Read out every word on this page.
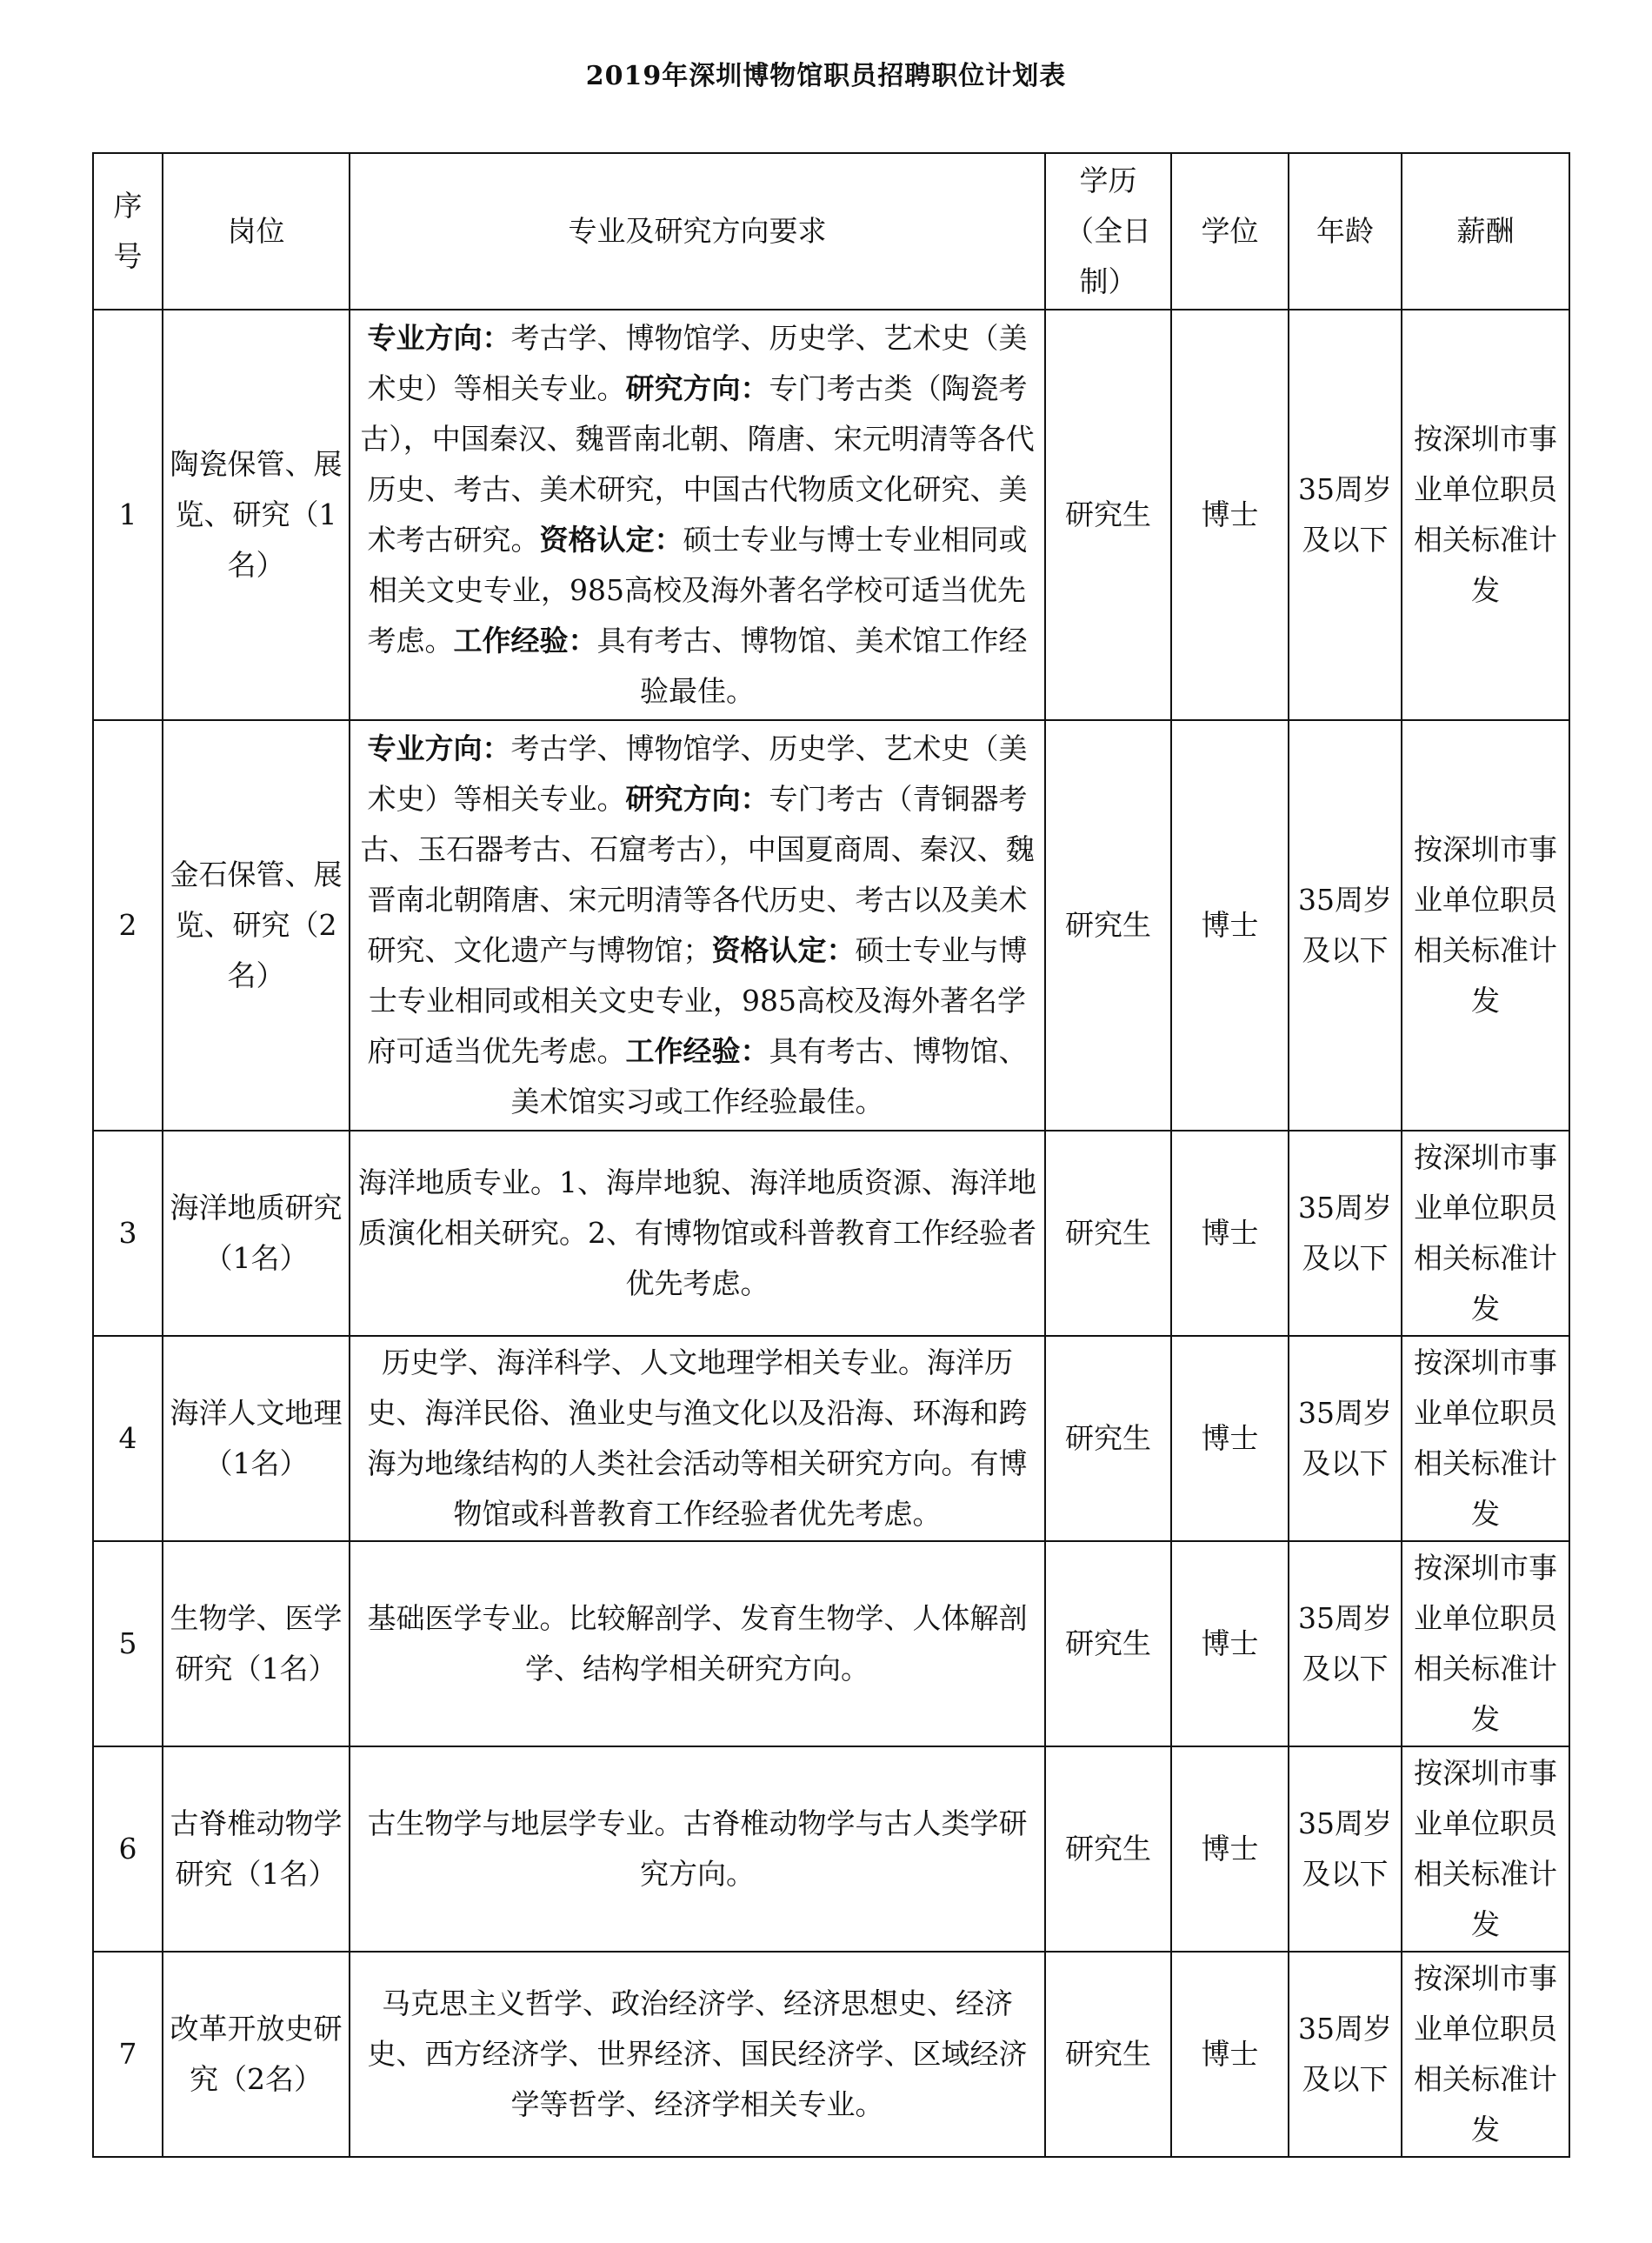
2019年深圳博物馆职员招聘职位计划表
序号	岗位	专业及研究方向要求	学历（全日制）	学位	年龄	薪酬
1	陶瓷保管、展览、研究（1名）	专业方向：考古学、博物馆学、历史学、艺术史（美术史）等相关专业。研究方向：专门考古类（陶瓷考古），中国秦汉、魏晋南北朝、隋唐、宋元明清等各代历史、考古、美术研究，中国古代物质文化研究、美术考古研究。资格认定：硕士专业与博士专业相同或相关文史专业，985高校及海外著名学校可适当优先考虑。工作经验：具有考古、博物馆、美术馆工作经验最佳。	研究生	博士	35周岁及以下	按深圳市事业单位职员相关标准计发
2	金石保管、展览、研究（2名）	专业方向：考古学、博物馆学、历史学、艺术史（美术史）等相关专业。研究方向：专门考古（青铜器考古、玉石器考古、石窟考古），中国夏商周、秦汉、魏晋南北朝隋唐、宋元明清等各代历史、考古以及美术研究、文化遗产与博物馆；资格认定：硕士专业与博士专业相同或相关文史专业，985高校及海外著名学府可适当优先考虑。工作经验：具有考古、博物馆、美术馆实习或工作经验最佳。	研究生	博士	35周岁及以下	按深圳市事业单位职员相关标准计发
3	海洋地质研究（1名）	海洋地质专业。1、海岸地貌、海洋地质资源、海洋地质演化相关研究。2、有博物馆或科普教育工作经验者优先考虑。	研究生	博士	35周岁及以下	按深圳市事业单位职员相关标准计发
4	海洋人文地理（1名）	历史学、海洋科学、人文地理学相关专业。海洋历史、海洋民俗、渔业史与渔文化以及沿海、环海和跨海为地缘结构的人类社会活动等相关研究方向。有博物馆或科普教育工作经验者优先考虑。	研究生	博士	35周岁及以下	按深圳市事业单位职员相关标准计发
5	生物学、医学研究（1名）	基础医学专业。比较解剖学、发育生物学、人体解剖学、结构学相关研究方向。	研究生	博士	35周岁及以下	按深圳市事业单位职员相关标准计发
6	古脊椎动物学研究（1名）	古生物学与地层学专业。古脊椎动物学与古人类学研究方向。	研究生	博士	35周岁及以下	按深圳市事业单位职员相关标准计发
7	改革开放史研究（2名）	马克思主义哲学、政治经济学、经济思想史、经济史、西方经济学、世界经济、国民经济学、区域经济学等哲学、经济学相关专业。	研究生	博士	35周岁及以下	按深圳市事业单位职员相关标准计发
